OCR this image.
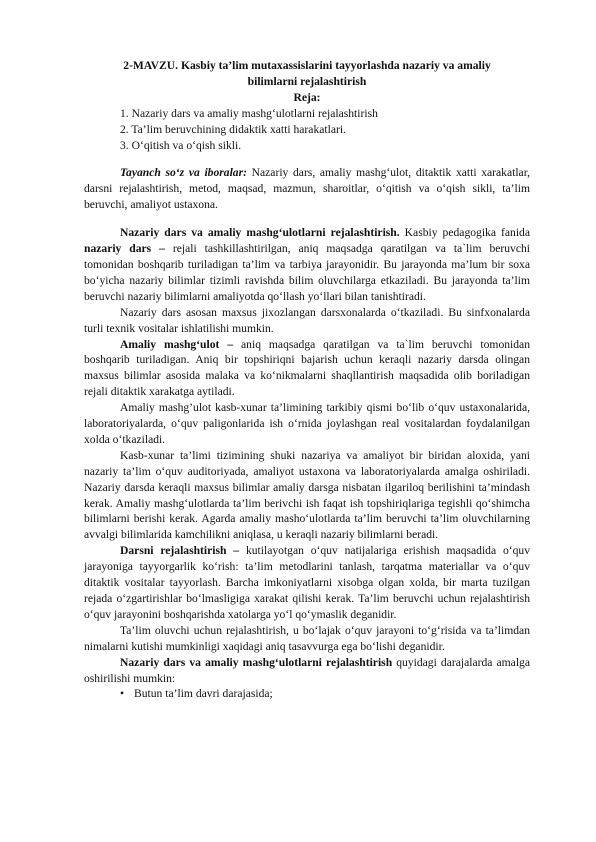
2-MAVZU. Kasbiy ta’lim mutaxassislarini tayyorlashda nazariy va amaliy
bilimlarni rejalashtirish
Reja:
1. Nazariy dars va amaliy mashg‘ulotlarni rejalashtirish
2. Ta’lim beruvchining didaktik xatti harakatlari.
3. O‘qitish va o‘qish sikli.

Tayanch so‘z va iboralar: Nazariy dars, amaliy mashg‘ulot, ditaktik xatti xarakatlar, darsni rejalashtirish, metod, maqsad, mazmun, sharoitlar, o‘qitish va o‘qish sikli, ta’lim beruvchi, amaliyot ustaxona.

Nazariy dars va amaliy mashg‘ulotlarni rejalashtirish. Kasbiy pedagogika fanida nazariy dars – rejali tashkillashtirilgan, aniq maqsadga qaratilgan va ta`lim beruvchi tomonidan boshqarib turiladigan ta’lim va tarbiya jarayonidir. Bu jarayonda ma’lum bir soxa bo‘yicha nazariy bilimlar tizimli ravishda bilim oluvchilarga etkaziladi. Bu jarayonda ta’lim beruvchi nazariy bilimlarni amaliyotda qo‘llash yo‘llari bilan tanishtiradi.

Nazariy dars asosan maxsus jixozlangan darsxonalarda o‘tkaziladi. Bu sinfxonalarda turli texnik vositalar ishlatilishi mumkin.

Amaliy mashg‘ulot – aniq maqsadga qaratilgan va ta`lim beruvchi tomonidan boshqarib turiladigan. Aniq bir topshiriqni bajarish uchun keraqli nazariy darsda olingan maxsus bilimlar asosida malaka va ko‘nikmalarni shaqllantirish maqsadida olib boriladigan rejali ditaktik xarakatga aytiladi.

Amaliy mashg’ulot kasb-xunar ta’limining tarkibiy qismi bo‘lib o‘quv ustaxonalarida, laboratoriyalarda, o‘quv paligonlarida ish o‘rnida joylashgan real vositalardan foydalanilgan xolda o‘tkaziladi.

Kasb-xunar ta’limi tizimining shuki nazariya va amaliyot bir biridan aloxida, yani nazariy ta’lim o‘quv auditoriyada, amaliyot ustaxona va laboratoriyalarda amalga oshiriladi. Nazariy darsda keraqli maxsus bilimlar amaliy darsga nisbatan ilgariloq berilishini ta’mindash kerak. Amaliy mashg‘ulotlarda ta’lim berivchi ish faqat ish topshiriqlariga tegishli qo‘shimcha bilimlarni berishi kerak. Agarda amaliy masho‘ulotlarda ta’lim beruvchi ta’lim oluvchilarning avvalgi bilimlarida kamchilikni aniqlasa, u keraqli nazariy bilimlarni beradi.

Darsni rejalashtirish – kutilayotgan o‘quv natijalariga erishish maqsadida o‘quv jarayoniga tayyorgarlik ko‘rish: ta’lim metodlarini tanlash, tarqatma materiallar va o‘quv ditaktik vositalar tayyorlash. Barcha imkoniyatlarni xisobga olgan xolda, bir marta tuzilgan rejada o‘zgartirishlar bo‘lmasligiga xarakat qilishi kerak. Ta’lim beruvchi uchun rejalashtirish o‘quv jarayonini boshqarishda xatolarga yo‘l qo‘ymaslik deganidir.

Ta’lim oluvchi uchun rejalashtirish, u bo‘lajak o‘quv jarayoni to‘g‘risida va ta’limdan nimalarni kutishi mumkinligi xaqidagi aniq tasavvurga ega bo‘lishi deganidir.

Nazariy dars va amaliy mashg‘ulotlarni rejalashtirish quyidagi darajalarda amalga oshirilishi mumkin:

• Butun ta’lim davri darajasida;
